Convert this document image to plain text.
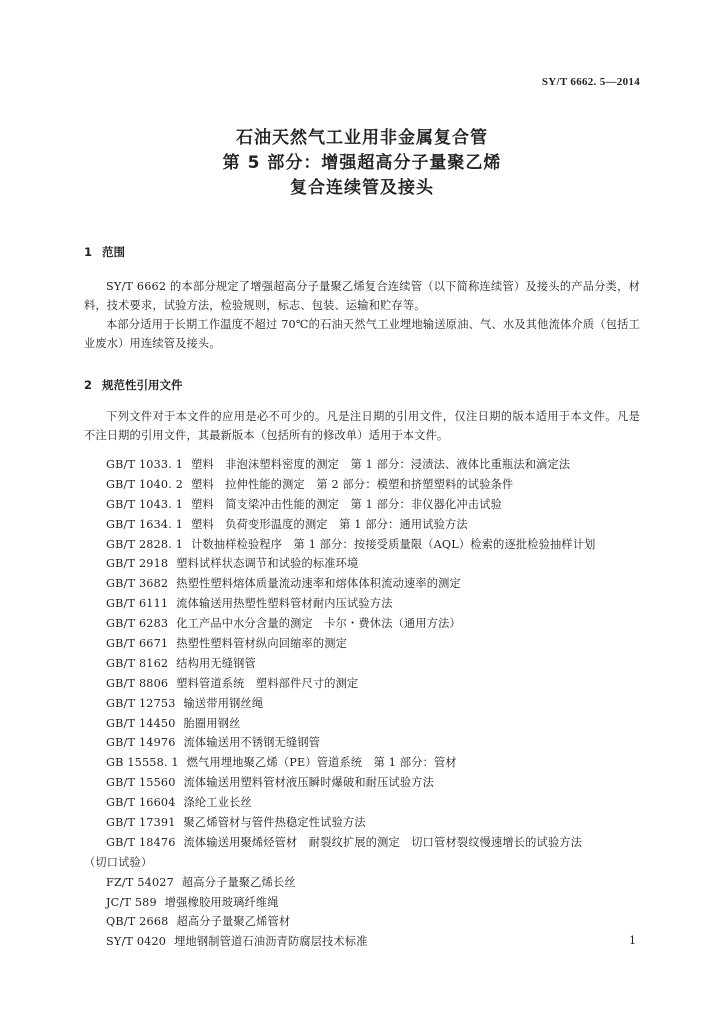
SY/T 6662. 5—2014
石油天然气工业用非金属复合管
第 5 部分：增强超高分子量聚乙烯
复合连续管及接头
1 范围
SY/T 6662 的本部分规定了增强超高分子量聚乙烯复合连续管（以下简称连续管）及接头的产品分类，材料，技术要求，试验方法，检验规则，标志、包装、运输和贮存等。
本部分适用于长期工作温度不超过 70℃的石油天然气工业埋地输送原油、气、水及其他流体介质（包括工业废水）用连续管及接头。
2 规范性引用文件
下列文件对于本文件的应用是必不可少的。凡是注日期的引用文件，仅注日期的版本适用于本文件。凡是不注日期的引用文件，其最新版本（包括所有的修改单）适用于本文件。
GB/T 1033. 1 塑料　非泡沫塑料密度的测定　第 1 部分：浸渍法、液体比重瓶法和滴定法
GB/T 1040. 2 塑料　拉伸性能的测定　第 2 部分：模塑和挤塑塑料的试验条件
GB/T 1043. 1 塑料　简支梁冲击性能的测定　第 1 部分：非仪器化冲击试验
GB/T 1634. 1 塑料　负荷变形温度的测定　第 1 部分：通用试验方法
GB/T 2828. 1 计数抽样检验程序　第 1 部分：按接受质量限（AQL）检索的逐批检验抽样计划
GB/T 2918 塑料试样状态调节和试验的标准环境
GB/T 3682 热塑性塑料熔体质量流动速率和熔体体积流动速率的测定
GB/T 6111 流体输送用热塑性塑料管材耐内压试验方法
GB/T 6283 化工产品中水分含量的测定　卡尔・费休法（通用方法）
GB/T 6671 热塑性塑料管材纵向回缩率的测定
GB/T 8162 结构用无缝钢管
GB/T 8806 塑料管道系统　塑料部件尺寸的测定
GB/T 12753 输送带用钢丝绳
GB/T 14450 胎圈用钢丝
GB/T 14976 流体输送用不锈钢无缝钢管
GB 15558. 1 燃气用埋地聚乙烯（PE）管道系统　第 1 部分：管材
GB/T 15560 流体输送用塑料管材液压瞬时爆破和耐压试验方法
GB/T 16604 涤纶工业长丝
GB/T 17391 聚乙烯管材与管件热稳定性试验方法
GB/T 18476 流体输送用聚烯烃管材　耐裂纹扩展的测定　切口管材裂纹慢速增长的试验方法
（切口试验）
FZ/T 54027 超高分子量聚乙烯长丝
JC/T 589 增强橡胶用玻璃纤维绳
QB/T 2668 超高分子量聚乙烯管材
SY/T 0420 埋地钢制管道石油沥青防腐层技术标准	1
